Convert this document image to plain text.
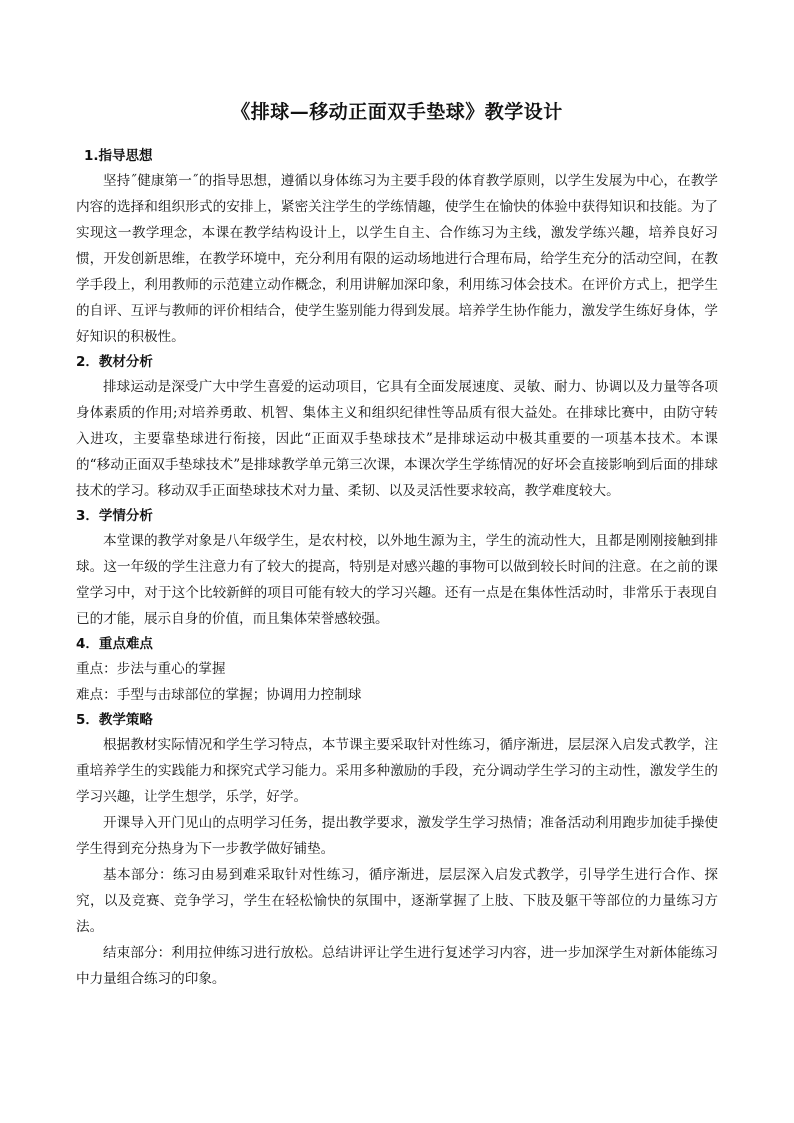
《排球—移动正面双手垫球》教学设计
1.指导思想

坚持˝健康第一˝的指导思想，遵循以身体练习为主要手段的体育教学原则，以学生发展为中心，在教学内容的选择和组织形式的安排上，紧密关注学生的学练情趣，使学生在愉快的体验中获得知识和技能。为了实现这一教学理念，本课在教学结构设计上，以学生自主、合作练习为主线，激发学练兴趣，培养良好习惯，开发创新思维，在教学环境中，充分利用有限的运动场地进行合理布局，给学生充分的活动空间，在教学手段上，利用教师的示范建立动作概念，利用讲解加深印象，利用练习体会技术。在评价方式上，把学生的自评、互评与教师的评价相结合，使学生鉴别能力得到发展。培养学生协作能力，激发学生练好身体，学好知识的积极性。

2．教材分析

排球运动是深受广大中学生喜爱的运动项目，它具有全面发展速度、灵敏、耐力、协调以及力量等各项身体素质的作用;对培养勇敢、机智、集体主义和组织纪律性等品质有很大益处。在排球比赛中，由防守转入进攻，主要靠垫球进行衔接，因此“正面双手垫球技术”是排球运动中极其重要的一项基本技术。本课的“移动正面双手垫球技术”是排球教学单元第三次课，本课次学生学练情况的好坏会直接影响到后面的排球技术的学习。移动双手正面垫球技术对力量、柔韧、以及灵活性要求较高，教学难度较大。

3．学情分析

本堂课的教学对象是八年级学生，是农村校，以外地生源为主，学生的流动性大，且都是刚刚接触到排球。这一年级的学生注意力有了较大的提高，特别是对感兴趣的事物可以做到较长时间的注意。在之前的课堂学习中，对于这个比较新鲜的项目可能有较大的学习兴趣。还有一点是在集体性活动时，非常乐于表现自已的才能，展示自身的价值，而且集体荣誉感较强。

4．重点难点

重点：步法与重心的掌握

难点：手型与击球部位的掌握；协调用力控制球

5．教学策略

根据教材实际情况和学生学习特点，本节课主要采取针对性练习，循序渐进，层层深入启发式教学，注重培养学生的实践能力和探究式学习能力。采用多种激励的手段，充分调动学生学习的主动性，激发学生的学习兴趣，让学生想学，乐学，好学。

开课导入开门见山的点明学习任务，提出教学要求，激发学生学习热情；准备活动利用跑步加徒手操使学生得到充分热身为下一步教学做好铺垫。

基本部分：练习由易到难采取针对性练习，循序渐进，层层深入启发式教学，引导学生进行合作、探究，以及竞赛、竞争学习，学生在轻松愉快的氛围中，逐渐掌握了上肢、下肢及躯干等部位的力量练习方法。

结束部分：利用拉伸练习进行放松。总结讲评让学生进行复述学习内容，进一步加深学生对新体能练习中力量组合练习的印象。
